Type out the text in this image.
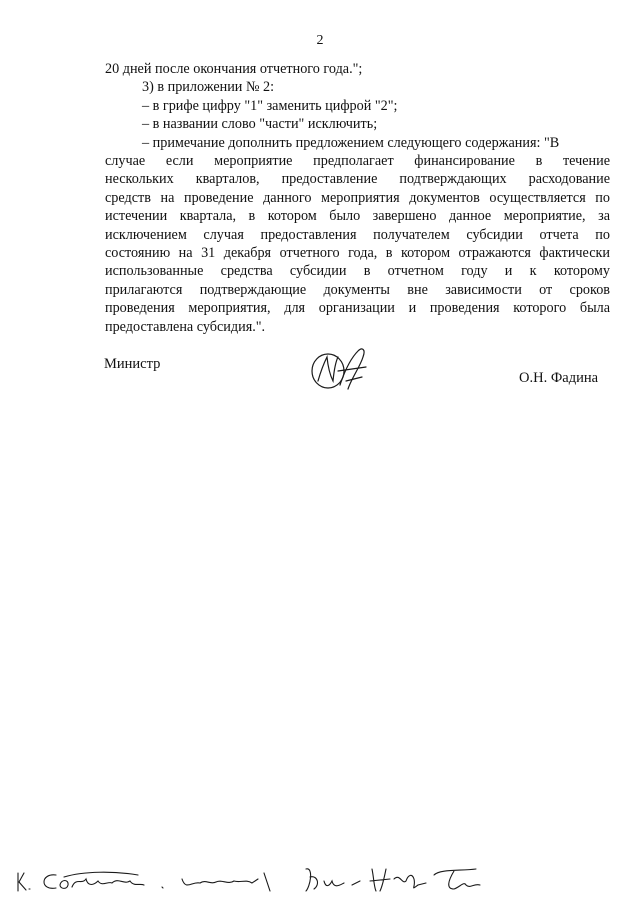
2
20 дней после окончания отчетного года.";
3) в приложении № 2:
– в грифе цифру "1" заменить цифрой "2";
– в названии слово "части" исключить;
– примечание дополнить предложением следующего содержания: "В
случае если мероприятие предполагает финансирование в течение
нескольких кварталов, предоставление подтверждающих расходование
средств на проведение данного мероприятия документов осуществляется по
истечении квартала, в котором было завершено данное мероприятие, за
исключением случая предоставления получателем субсидии отчета по
состоянию на 31 декабря отчетного года, в котором отражаются фактически
использованные средства субсидии в отчетном году и к которому
прилагаются подтверждающие документы вне зависимости от сроков
проведения мероприятия, для организации и проведения которого была
предоставлена субсидия.".
Министр
О.Н. Фадина
